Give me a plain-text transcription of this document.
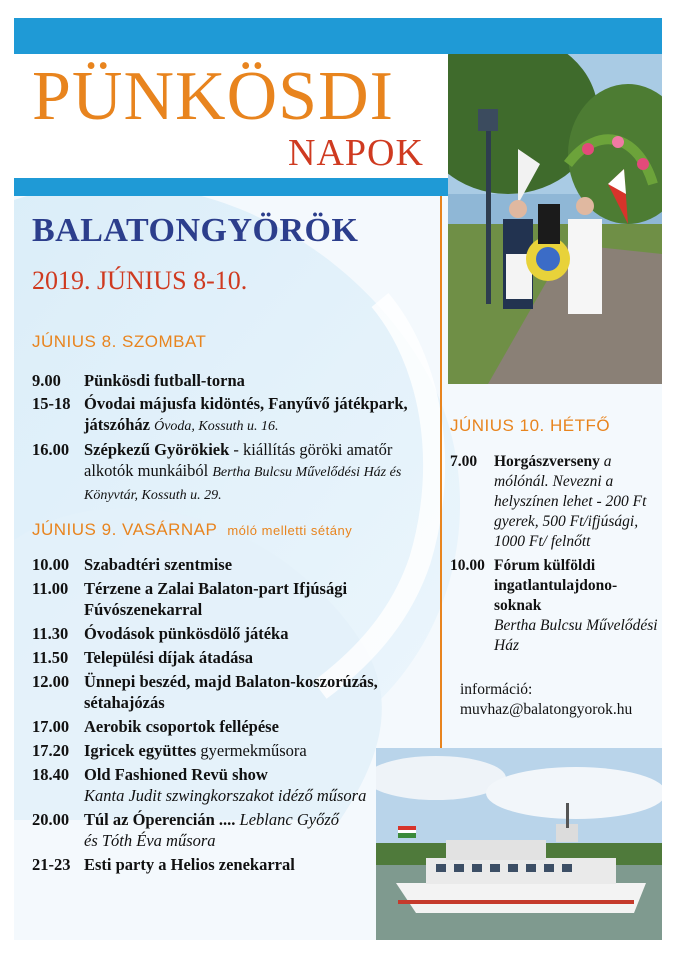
PÜNKÖSDI
NAPOK
BALATONGYÖRÖK
2019. JÚNIUS 8-10.
JÚNIUS 8. SZOMBAT
9.00	Pünkösdi futball-torna
15-18 Óvodai májusfa kidöntés, Fanyűvő játékpark, játszóház Óvoda, Kossuth u. 16.
16.00 Szépkezű Györökiek - kiállítás göröki amatőr alkotók munkáiból Bertha Bulcsu Művelődési Ház és Könyvtár, Kossuth u. 29.
JÚNIUS 9. VASÁRNAP móló melletti sétány
10.00 Szabadtéri szentmise
11.00 Térzene a Zalai Balaton-part Ifjúsági Fúvószenekarral
11.30 Óvodások pünkösdölő játéka
11.50 Települési díjak átadása
12.00 Ünnepi beszéd, majd Balaton-koszorúzás, sétahajózás
17.00 Aerobik csoportok fellépése
17.20 Igricek együttes gyermekműsora
18.40 Old Fashioned Revü show
Kanta Judit szwingkorszakot idéző műsora
20.00 Túl az Óperencián .... Leblanc Győző és Tóth Éva műsora
21-23 Esti party a Helios zenekarral
JÚNIUS 10. HÉTFŐ
7.00	Horgászverseny a mólónál. Nevezni a helyszínen lehet - 200 Ft gyerek, 500 Ft/ifjúsági, 1000 Ft/ felnőtt
10.00 Fórum külföldi ingatlantulajdono-soknak
Bertha Bulcsu Művelődési Ház
információ:
muvhaz@balatongyorok.hu
